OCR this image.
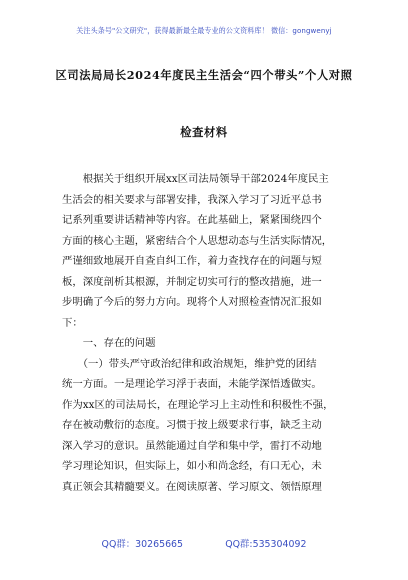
关注头条号"公文研究"，获得最新最全最专业的公文资料库！ 微信：gongwenyj
区司法局局长2024年度民主生活会“四个带头”个人对照
检查材料
　　根据关于组织开展xx区司法局领导干部2024年度民主
生活会的相关要求与部署安排，我深入学习了习近平总书
记系列重要讲话精神等内容。在此基础上，紧紧围绕四个
方面的核心主题，紧密结合个人思想动态与生活实际情况，
严谨细致地展开自查自纠工作，着力查找存在的问题与短
板，深度剖析其根源，并制定切实可行的整改措施，进一
步明确了今后的努力方向。现将个人对照检查情况汇报如
下：
　　一、存在的问题
　　（一）带头严守政治纪律和政治规矩，维护党的团结
统一方面。一是理论学习浮于表面，未能学深悟透做实。
作为xx区的司法局长，在理论学习上主动性和积极性不强，
存在被动敷衍的态度。习惯于按上级要求行事，缺乏主动
深入学习的意识。虽然能通过自学和集中学，雷打不动地
学习理论知识，但实际上，如小和尚念经，有口无心，未
真正领会其精髓要义。在阅读原著、学习原文、领悟原理
QQ群：30265665	QQ群:535304092
